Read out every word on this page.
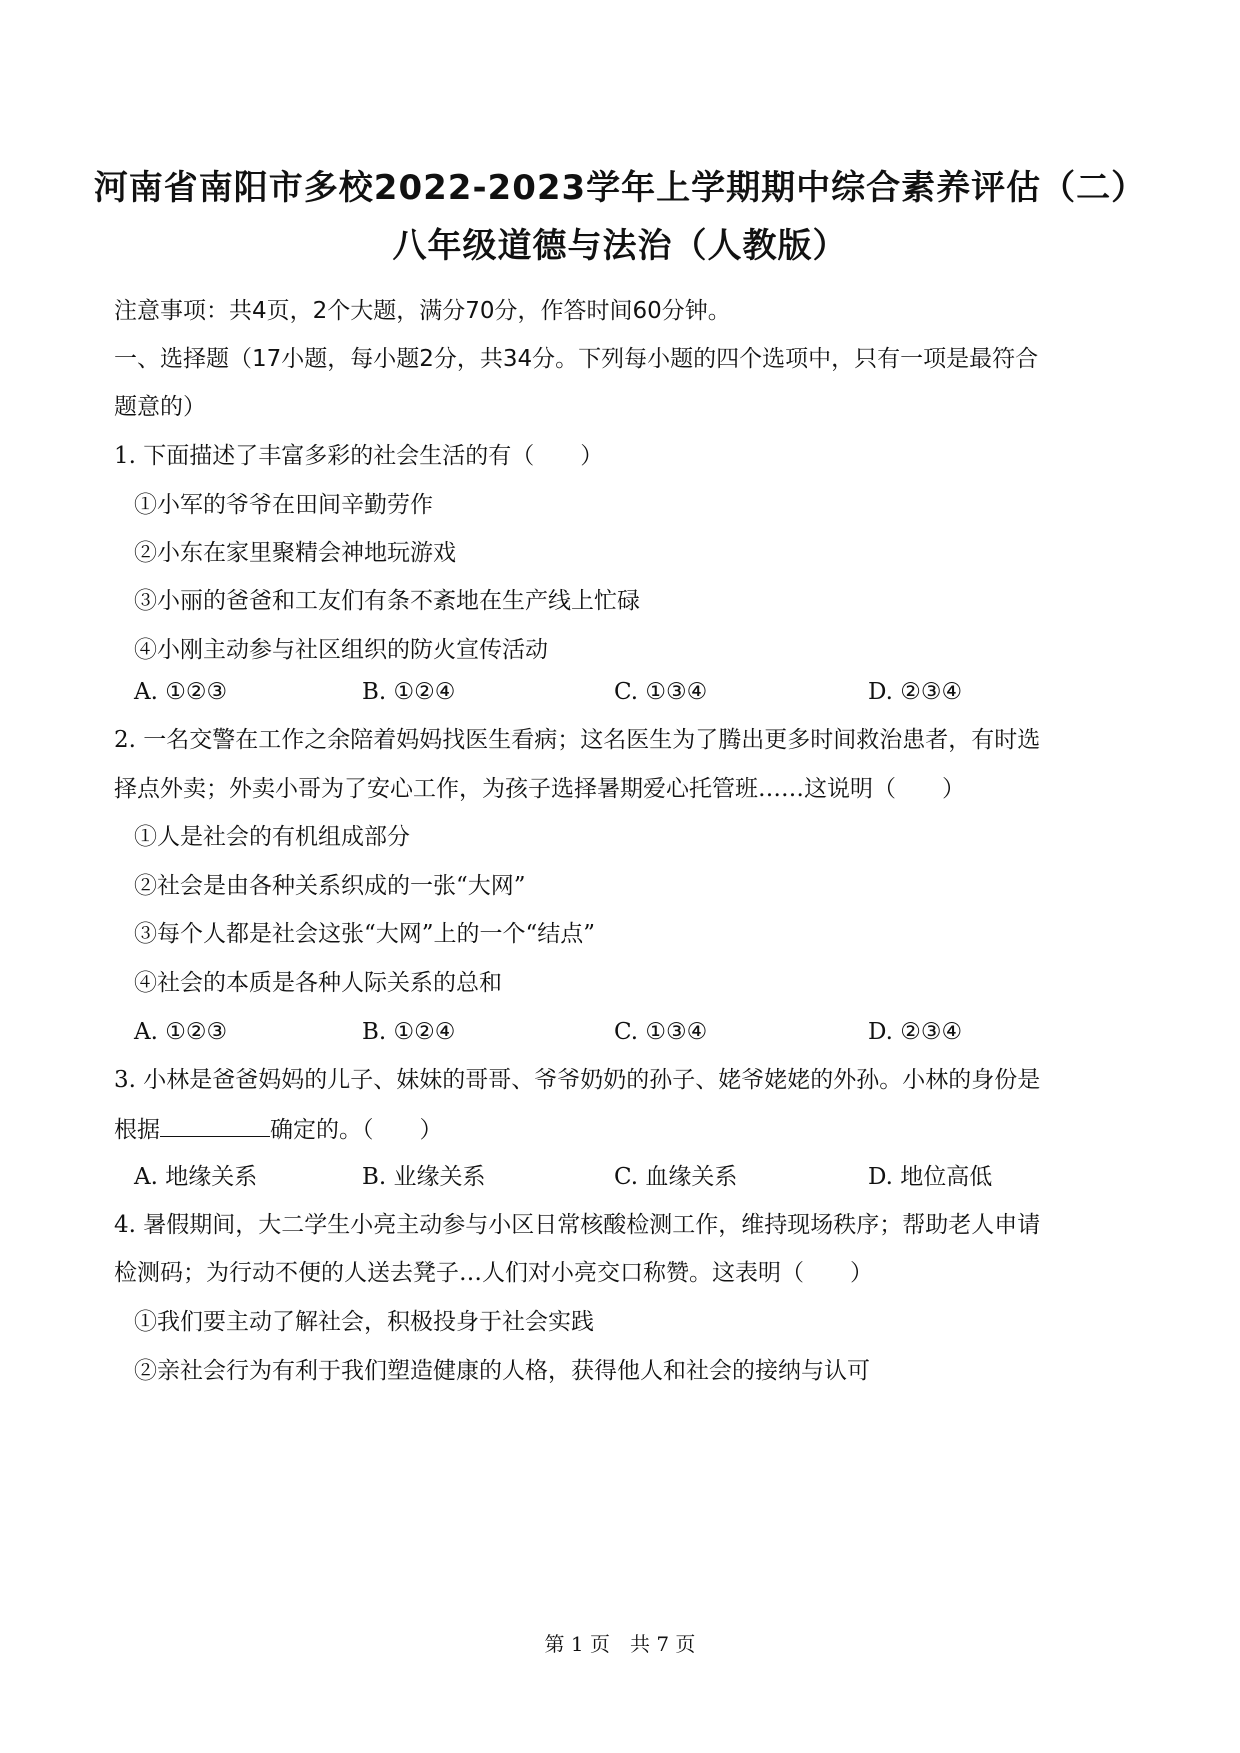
河南省南阳市多校2022-2023学年上学期期中综合素养评估（二）
八年级道德与法治（人教版）
注意事项：共4页，2个大题，满分70分，作答时间60分钟。
一、选择题（17小题，每小题2分，共34分。下列每小题的四个选项中，只有一项是最符合
题意的）
1. 下面描述了丰富多彩的社会生活的有（　　）
①小军的爷爷在田间辛勤劳作
②小东在家里聚精会神地玩游戏
③小丽的爸爸和工友们有条不紊地在生产线上忙碌
④小刚主动参与社区组织的防火宣传活动
A. ①②③	B. ①②④	C. ①③④	D. ②③④
2. 一名交警在工作之余陪着妈妈找医生看病；这名医生为了腾出更多时间救治患者，有时选
择点外卖；外卖小哥为了安心工作，为孩子选择暑期爱心托管班……这说明（　　）
①人是社会的有机组成部分
②社会是由各种关系织成的一张“大网”
③每个人都是社会这张“大网”上的一个“结点”
④社会的本质是各种人际关系的总和
A. ①②③	B. ①②④	C. ①③④	D. ②③④
3. 小林是爸爸妈妈的儿子、妹妹的哥哥、爷爷奶奶的孙子、姥爷姥姥的外孙。小林的身份是
根据	确定的。（　　）
A. 地缘关系	B. 业缘关系	C. 血缘关系	D. 地位高低
4. 暑假期间，大二学生小亮主动参与小区日常核酸检测工作，维持现场秩序；帮助老人申请
检测码；为行动不便的人送去凳子…人们对小亮交口称赞。这表明（　　）
①我们要主动了解社会，积极投身于社会实践
②亲社会行为有利于我们塑造健康的人格，获得他人和社会的接纳与认可
第 1 页　共 7 页
